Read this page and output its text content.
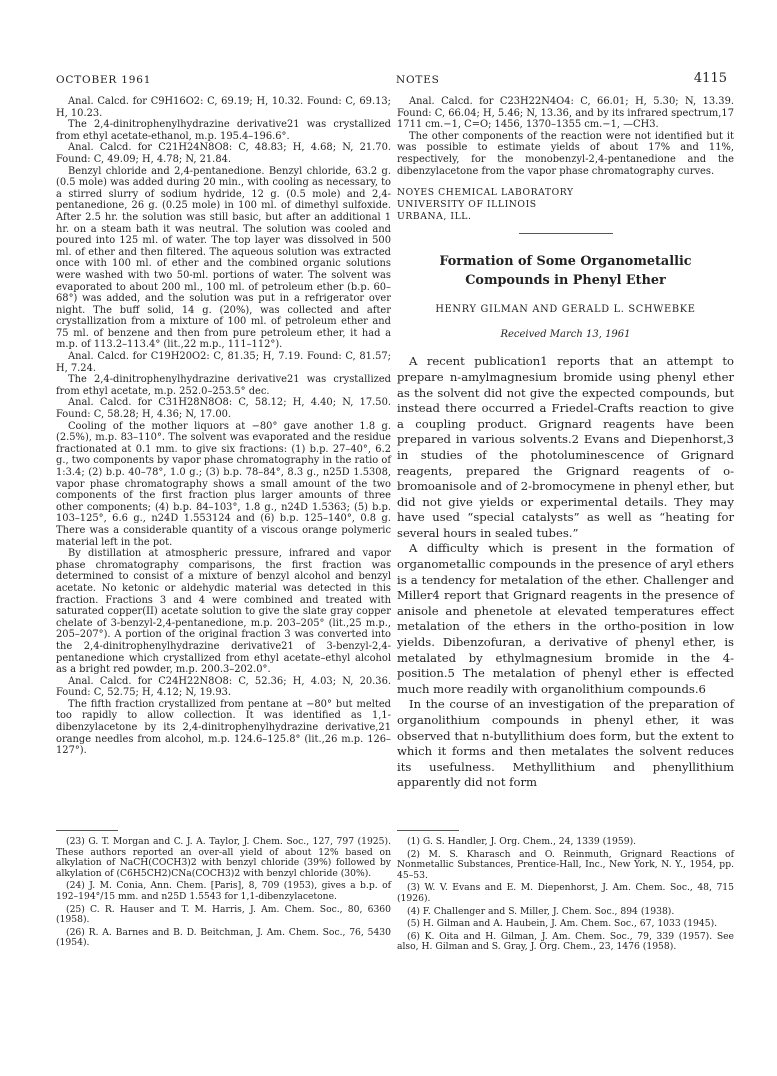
OCTOBER 1961	NOTES	4115

Anal. Calcd. for C9H16O2: C, 69.19; H, 10.32. Found: C, 69.13; H, 10.23.

The 2,4-dinitrophenylhydrazine derivative21 was crystallized from ethyl acetate-ethanol, m.p. 195.4–196.6°.

Anal. Calcd. for C21H24N8O8: C, 48.83; H, 4.68; N, 21.70. Found: C, 49.09; H, 4.78; N, 21.84.

Benzyl chloride and 2,4-pentanedione. Benzyl chloride, 63.2 g. (0.5 mole) was added during 20 min., with cooling as necessary, to a stirred slurry of sodium hydride, 12 g. (0.5 mole) and 2,4-pentanedione, 26 g. (0.25 mole) in 100 ml. of dimethyl sulfoxide. After 2.5 hr. the solution was still basic, but after an additional 1 hr. on a steam bath it was neutral. The solution was cooled and poured into 125 ml. of water. The top layer was dissolved in 500 ml. of ether and then filtered. The aqueous solution was extracted once with 100 ml. of ether and the combined organic solutions were washed with two 50-ml. portions of water. The solvent was evaporated to about 200 ml., 100 ml. of petroleum ether (b.p. 60–68°) was added, and the solution was put in a refrigerator over night. The buff solid, 14 g. (20%), was collected and after crystallization from a mixture of 100 ml. of petroleum ether and 75 ml. of benzene and then from pure petroleum ether, it had a m.p. of 113.2–113.4° (lit.,22 m.p., 111–112°).

Anal. Calcd. for C19H20O2: C, 81.35; H, 7.19. Found: C, 81.57; H, 7.24.

The 2,4-dinitrophenylhydrazine derivative21 was crystallized from ethyl acetate, m.p. 252.0–253.5° dec.

Anal. Calcd. for C31H28N8O8: C, 58.12; H, 4.40; N, 17.50. Found: C, 58.28; H, 4.36; N, 17.00.

Cooling of the mother liquors at −80° gave another 1.8 g. (2.5%), m.p. 83–110°. The solvent was evaporated and the residue fractionated at 0.1 mm. to give six fractions: (1) b.p. 27–40°, 6.2 g., two components by vapor phase chromatography in the ratio of 1:3.4; (2) b.p. 40–78°, 1.0 g.; (3) b.p. 78–84°, 8.3 g., n25D 1.5308, vapor phase chromatography shows a small amount of the two components of the first fraction plus larger amounts of three other components; (4) b.p. 84–103°, 1.8 g., n24D 1.5363; (5) b.p. 103–125°, 6.6 g., n24D 1.553124 and (6) b.p. 125–140°, 0.8 g. There was a considerable quantity of a viscous orange polymeric material left in the pot.

By distillation at atmospheric pressure, infrared and vapor phase chromatography comparisons, the first fraction was determined to consist of a mixture of benzyl alcohol and benzyl acetate. No ketonic or aldehydic material was detected in this fraction. Fractions 3 and 4 were combined and treated with saturated copper(II) acetate solution to give the slate gray copper chelate of 3-benzyl-2,4-pentanedione, m.p. 203–205° (lit.,25 m.p., 205–207°). A portion of the original fraction 3 was converted into the 2,4-dinitrophenylhydrazine derivative21 of 3-benzyl-2,4-pentanedione which crystallized from ethyl acetate–ethyl alcohol as a bright red powder, m.p. 200.3–202.0°.

Anal. Calcd. for C24H22N8O8: C, 52.36; H, 4.03; N, 20.36. Found: C, 52.75; H, 4.12; N, 19.93.

The fifth fraction crystallized from pentane at −80° but melted too rapidly to allow collection. It was identified as 1,1-dibenzylacetone by its 2,4-dinitrophenylhydrazine derivative,21 orange needles from alcohol, m.p. 124.6–125.8° (lit.,26 m.p. 126–127°).

Anal. Calcd. for C23H22N4O4: C, 66.01; H, 5.30; N, 13.39. Found: C, 66.04; H, 5.46; N, 13.36, and by its infrared spectrum,17 1711 cm.−1, C=O; 1456, 1370–1355 cm.−1, —CH3.

The other components of the reaction were not identified but it was possible to estimate yields of about 17% and 11%, respectively, for the monobenzyl-2,4-pentanedione and the dibenzylacetone from the vapor phase chromatography curves.

NOYES CHEMICAL LABORATORY
UNIVERSITY OF ILLINOIS
URBANA, ILL.
Formation of Some Organometallic
Compounds in Phenyl Ether
HENRY GILMAN AND GERALD L. SCHWEBKE
Received March 13, 1961

A recent publication1 reports that an attempt to prepare n-amylmagnesium bromide using phenyl ether as the solvent did not give the expected compounds, but instead there occurred a Friedel-Crafts reaction to give a coupling product. Grignard reagents have been prepared in various solvents.2 Evans and Diepenhorst,3 in studies of the photoluminescence of Grignard reagents, prepared the Grignard reagents of o-bromoanisole and of 2-bromocymene in phenyl ether, but did not give yields or experimental details. They may have used “special catalysts” as well as “heating for several hours in sealed tubes.”

A difficulty which is present in the formation of organometallic compounds in the presence of aryl ethers is a tendency for metalation of the ether. Challenger and Miller4 report that Grignard reagents in the presence of anisole and phenetole at elevated temperatures effect metalation of the ethers in the ortho-position in low yields. Dibenzofuran, a derivative of phenyl ether, is metalated by ethylmagnesium bromide in the 4-position.5 The metalation of phenyl ether is effected much more readily with organolithium compounds.6

In the course of an investigation of the preparation of organolithium compounds in phenyl ether, it was observed that n-butyllithium does form, but the extent to which it forms and then metalates the solvent reduces its usefulness. Methyllithium and phenyllithium apparently did not form

(23) G. T. Morgan and C. J. A. Taylor, J. Chem. Soc., 127, 797 (1925). These authors reported an over-all yield of about 12% based on alkylation of NaCH(COCH3)2 with benzyl chloride (39%) followed by alkylation of (C6H5CH2)CNa(COCH3)2 with benzyl chloride (30%).

(24) J. M. Conia, Ann. Chem. [Paris], 8, 709 (1953), gives a b.p. of 192–194°/15 mm. and n25D 1.5543 for 1,1-dibenzylacetone.

(25) C. R. Hauser and T. M. Harris, J. Am. Chem. Soc., 80, 6360 (1958).

(26) R. A. Barnes and B. D. Beitchman, J. Am. Chem. Soc., 76, 5430 (1954).

(1) G. S. Handler, J. Org. Chem., 24, 1339 (1959).

(2) M. S. Kharasch and O. Reinmuth, Grignard Reactions of Nonmetallic Substances, Prentice-Hall, Inc., New York, N. Y., 1954, pp. 45–53.

(3) W. V. Evans and E. M. Diepenhorst, J. Am. Chem. Soc., 48, 715 (1926).

(4) F. Challenger and S. Miller, J. Chem. Soc., 894 (1938).

(5) H. Gilman and A. Haubein, J. Am. Chem. Soc., 67, 1033 (1945).

(6) K. Oita and H. Gilman, J. Am. Chem. Soc., 79, 339 (1957). See also, H. Gilman and S. Gray, J. Org. Chem., 23, 1476 (1958).
